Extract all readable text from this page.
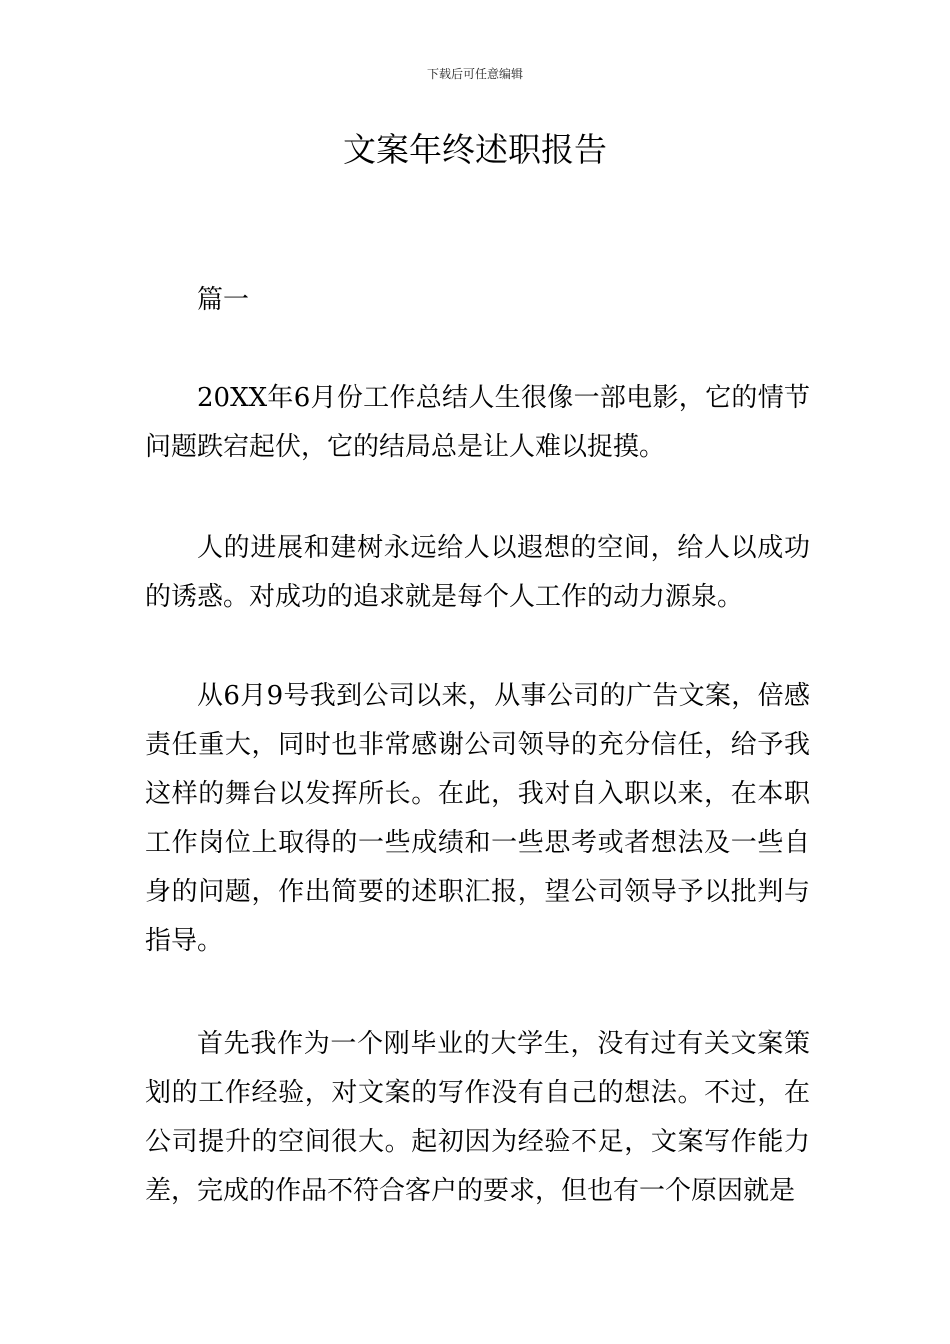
下载后可任意编辑
文案年终述职报告

篇一

20XX年6月份工作总结人生很像一部电影，它的情节问题跌宕起伏，它的结局总是让人难以捉摸。

人的进展和建树永远给人以遐想的空间，给人以成功的诱惑。对成功的追求就是每个人工作的动力源泉。

从6月9号我到公司以来，从事公司的广告文案，倍感责任重大，同时也非常感谢公司领导的充分信任，给予我这样的舞台以发挥所长。在此，我对自入职以来，在本职工作岗位上取得的一些成绩和一些思考或者想法及一些自身的问题，作出简要的述职汇报，望公司领导予以批判与指导。

首先我作为一个刚毕业的大学生，没有过有关文案策划的工作经验，对文案的写作没有自己的想法。不过，在公司提升的空间很大。起初因为经验不足，文案写作能力差，完成的作品不符合客户的要求，但也有一个原因就是
